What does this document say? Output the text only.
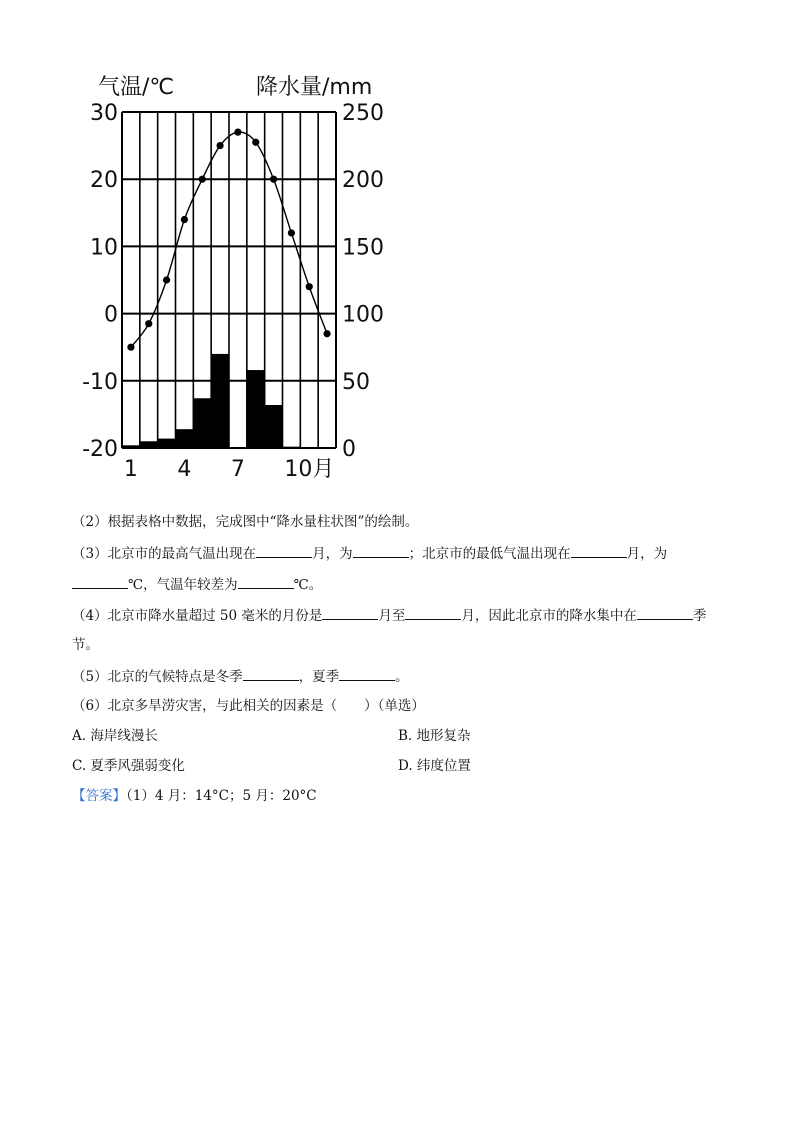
气温/℃	降水量/mm
30
20
10
0
-10
-20
250
200
150
100
50
0
1 4 7 10月
（2）根据表格中数据，完成图中“降水量柱状图”的绘制。
（3）北京市的最高气温出现在	月，为	；北京市的最低气温出现在	月，为
℃，气温年较差为	℃。
（4）北京市降水量超过 50 毫米的月份是	月至	月，因此北京市的降水集中在	季
节。
（5）北京的气候特点是冬季	，夏季	。
（6）北京多旱涝灾害，与此相关的因素是（　　）（单选）
A. 海岸线漫长	B. 地形复杂
C. 夏季风强弱变化	D. 纬度位置
【答案】（1）4 月：14°C；5 月：20°C
